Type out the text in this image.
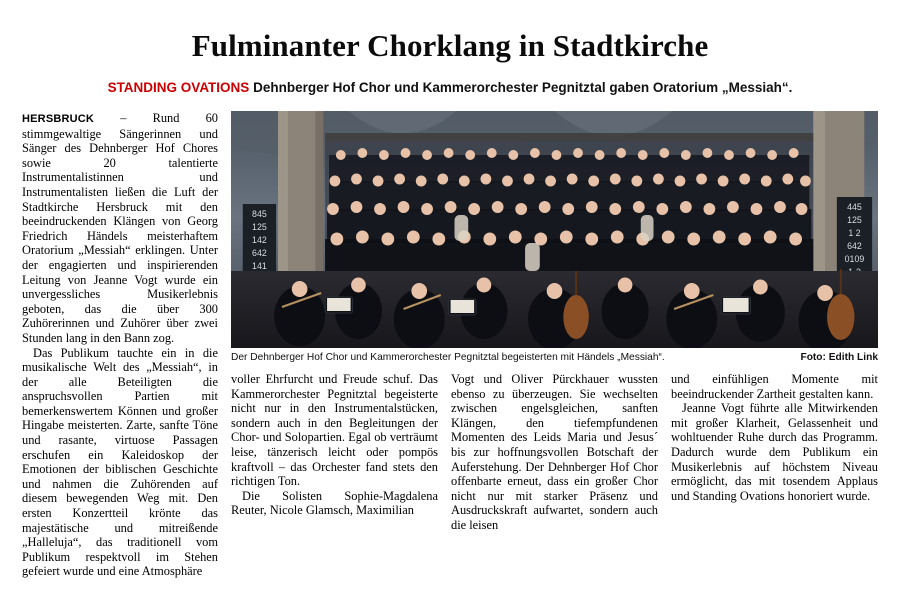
Fulminanter Chorklang in Stadtkirche
STANDING OVATIONS Dehnberger Hof Chor und Kammerorchester Pegnitztal gaben Oratorium „Messiah“.

HERSBRUCK – Rund 60 stimmgewaltige Sängerinnen und Sänger des Dehnberger Hof Chores sowie 20 talentierte Instrumentalistinnen und Instrumentalisten ließen die Luft der Stadtkirche Hersbruck mit den beeindruckenden Klängen von Georg Friedrich Händels meisterhaftem Oratorium „Messiah“ erklingen. Unter der engagierten und inspirierenden Leitung von Jeanne Vogt wurde ein unvergessliches Musikerlebnis geboten, das die über 300 Zuhörerinnen und Zuhörer über zwei Stunden lang in den Bann zog.

Das Publikum tauchte ein in die musikalische Welt des „Messiah“, in der alle Beteiligten die anspruchsvollen Partien mit bemerkenswertem Können und großer Hingabe meisterten. Zarte, sanfte Töne und rasante, virtuose Passagen erschufen ein Kaleidoskop der Emotionen der biblischen Geschichte und nahmen die Zuhörenden auf diesem bewegenden Weg mit. Den ersten Konzertteil krönte das majestätische und mitreißende „Halleluja“, das traditionell vom Publikum respektvoll im Stehen gefeiert wurde und eine Atmosphäre

845
125
142
642
141
445
125
1 2
642
0109
Der Dehnberger Hof Chor und Kammerorchester Pegnitztal begeisterten mit Händels „Messiah“.	Foto: Edith Link

voller Ehrfurcht und Freude schuf. Das Kammerorchester Pegnitztal begeisterte nicht nur in den Instrumentalstücken, sondern auch in den Begleitungen der Chor- und Solopartien. Egal ob verträumt leise, tänzerisch leicht oder pompös kraftvoll – das Orchester fand stets den richtigen Ton.

Die Solisten Sophie-Magdalena Reuter, Nicole Glamsch, Maximilian

Vogt und Oliver Pürckhauer wussten ebenso zu überzeugen. Sie wechselten zwischen engelsgleichen, sanften Klängen, den tiefempfundenen Momenten des Leids Maria und Jesus´ bis zur hoffnungsvollen Botschaft der Auferstehung. Der Dehnberger Hof Chor offenbarte erneut, dass ein großer Chor nicht nur mit starker Präsenz und Ausdruckskraft aufwartet, sondern auch die leisen

und einfühligen Momente mit beeindruckender Zartheit gestalten kann.

Jeanne Vogt führte alle Mitwirkenden mit großer Klarheit, Gelassenheit und wohltuender Ruhe durch das Programm. Dadurch wurde dem Publikum ein Musikerlebnis auf höchstem Niveau ermöglicht, das mit tosendem Applaus und Standing Ovations honoriert wurde.
